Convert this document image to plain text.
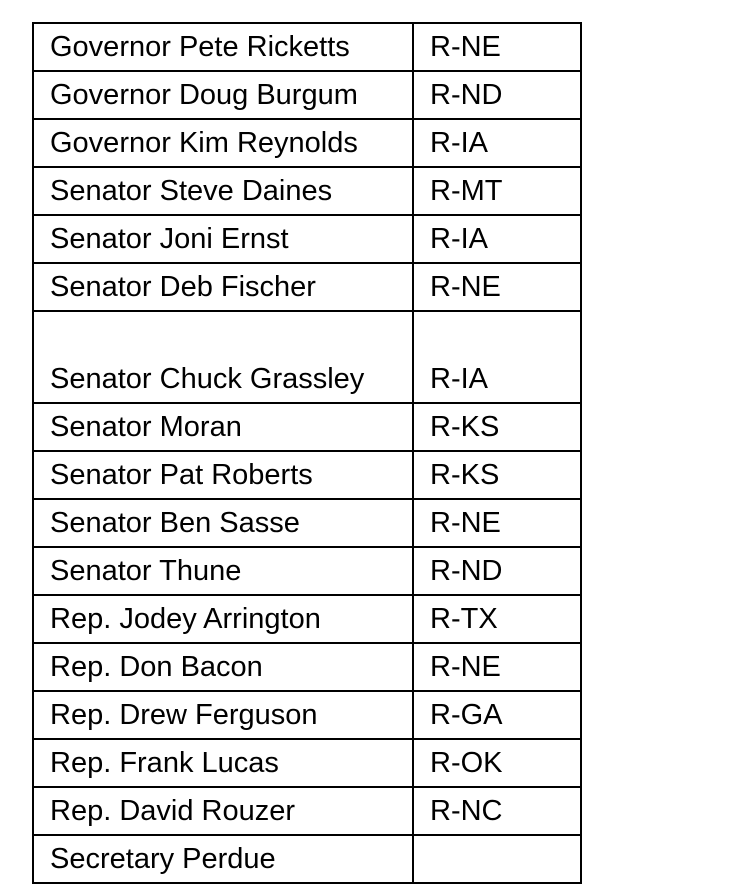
Governor Pete Ricketts	R-NE
Governor Doug Burgum	R-ND
Governor Kim Reynolds	R-IA
Senator Steve Daines	R-MT
Senator Joni Ernst	R-IA
Senator Deb Fischer	R-NE
Senator Chuck Grassley	R-IA
Senator Moran	R-KS
Senator Pat Roberts	R-KS
Senator Ben Sasse	R-NE
Senator Thune	R-ND
Rep. Jodey Arrington	R-TX
Rep. Don Bacon	R-NE
Rep. Drew Ferguson	R-GA
Rep. Frank Lucas	R-OK
Rep. David Rouzer	R-NC
Secretary Perdue	
